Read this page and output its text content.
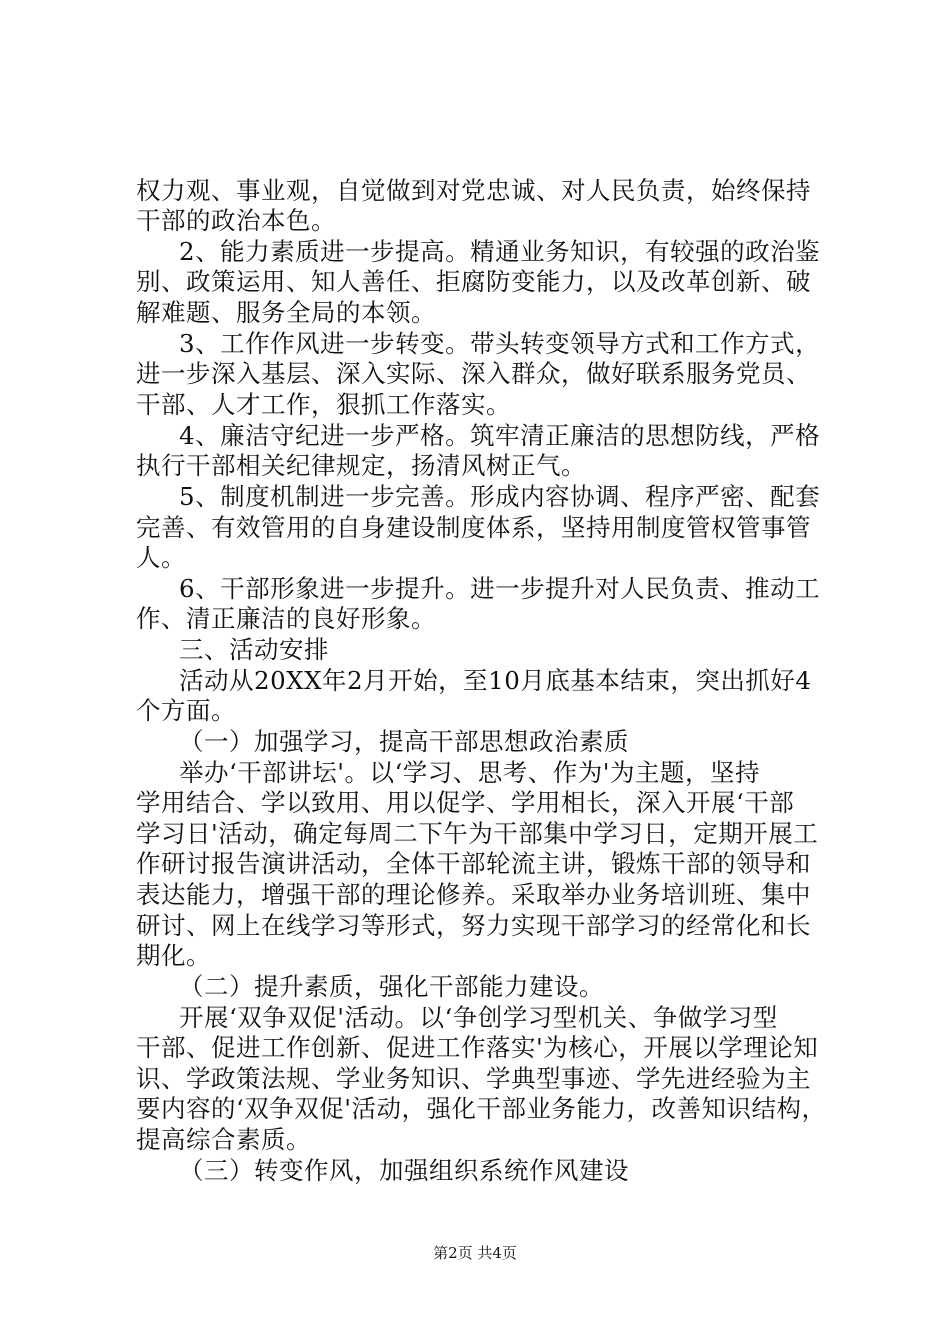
权力观、事业观，自觉做到对党忠诚、对人民负责，始终保持
干部的政治本色。
2、能力素质进一步提高。精通业务知识，有较强的政治鉴
别、政策运用、知人善任、拒腐防变能力，以及改革创新、破
解难题、服务全局的本领。
3、工作作风进一步转变。带头转变领导方式和工作方式，
进一步深入基层、深入实际、深入群众，做好联系服务党员、
干部、人才工作，狠抓工作落实。
4、廉洁守纪进一步严格。筑牢清正廉洁的思想防线，严格
执行干部相关纪律规定，扬清风树正气。
5、制度机制进一步完善。形成内容协调、程序严密、配套
完善、有效管用的自身建设制度体系，坚持用制度管权管事管
人。
6、干部形象进一步提升。进一步提升对人民负责、推动工
作、清正廉洁的良好形象。
三、活动安排
活动从20XX年2月开始，至10月底基本结束，突出抓好4
个方面。
（一）加强学习，提高干部思想政治素质
举办‘干部讲坛'。以‘学习、思考、作为'为主题，坚持
学用结合、学以致用、用以促学、学用相长，深入开展‘干部
学习日'活动，确定每周二下午为干部集中学习日，定期开展工
作研讨报告演讲活动，全体干部轮流主讲，锻炼干部的领导和
表达能力，增强干部的理论修养。采取举办业务培训班、集中
研讨、网上在线学习等形式，努力实现干部学习的经常化和长
期化。
（二）提升素质，强化干部能力建设。
开展‘双争双促'活动。以‘争创学习型机关、争做学习型
干部、促进工作创新、促进工作落实'为核心，开展以学理论知
识、学政策法规、学业务知识、学典型事迹、学先进经验为主
要内容的‘双争双促'活动，强化干部业务能力，改善知识结构，
提高综合素质。
（三）转变作风，加强组织系统作风建设
第2页 共4页
